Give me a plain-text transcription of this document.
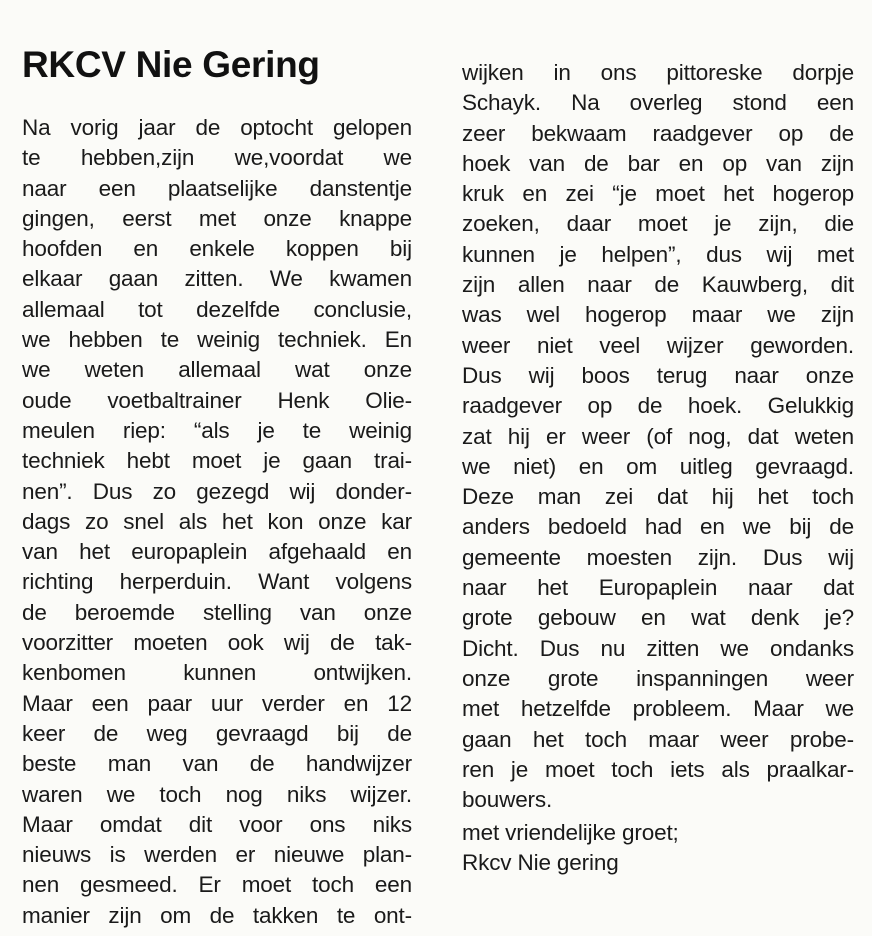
RKCV Nie Gering
Na vorig jaar de optocht gelopen
te hebben,zijn we,voordat we
naar een plaatselijke danstentje
gingen, eerst met onze knappe
hoofden en enkele koppen bij
elkaar gaan zitten. We kwamen
allemaal tot dezelfde conclusie,
we hebben te weinig techniek. En
we weten allemaal wat onze
oude voetbaltrainer Henk Olie-
meulen riep: “als je te weinig
techniek hebt moet je gaan trai-
nen”. Dus zo gezegd wij donder-
dags zo snel als het kon onze kar
van het europaplein afgehaald en
richting herperduin. Want volgens
de beroemde stelling van onze
voorzitter moeten ook wij de tak-
kenbomen kunnen ontwijken.
Maar een paar uur verder en 12
keer de weg gevraagd bij de
beste man van de handwijzer
waren we toch nog niks wijzer.
Maar omdat dit voor ons niks
nieuws is werden er nieuwe plan-
nen gesmeed. Er moet toch een
manier zijn om de takken te ont-
wijken in ons pittoreske dorpje
Schayk. Na overleg stond een
zeer bekwaam raadgever op de
hoek van de bar en op van zijn
kruk en zei “je moet het hogerop
zoeken, daar moet je zijn, die
kunnen je helpen”, dus wij met
zijn allen naar de Kauwberg, dit
was wel hogerop maar we zijn
weer niet veel wijzer geworden.
Dus wij boos terug naar onze
raadgever op de hoek. Gelukkig
zat hij er weer (of nog, dat weten
we niet) en om uitleg gevraagd.
Deze man zei dat hij het toch
anders bedoeld had en we bij de
gemeente moesten zijn. Dus wij
naar het Europaplein naar dat
grote gebouw en wat denk je?
Dicht. Dus nu zitten we ondanks
onze grote inspanningen weer
met hetzelfde probleem. Maar we
gaan het toch maar weer probe-
ren je moet toch iets als praalkar-
bouwers.
met vriendelijke groet;
Rkcv Nie gering
